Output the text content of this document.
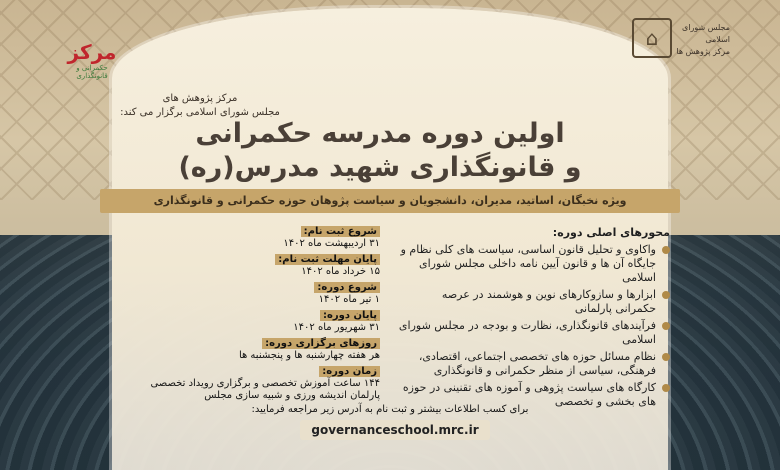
مرکز
حکمرانی و قانونگذاری
⌂	مجلس شورای اسلامی
مرکز پژوهش ها
مرکز پژوهش های
مجلس شورای اسلامی برگزار می کند:
اولین دوره مدرسه حکمرانی
و قانونگذاری شهید مدرس(ره)
ویژه نخبگان، اساتید، مدیران، دانشجویان و سیاست پژوهان حوزه حکمرانی و قانونگذاری
محورهای اصلی دوره:
واکاوی و تحلیل قانون اساسی، سیاست های کلی نظام و جایگاه آن ها و قانون آیین نامه داخلی مجلس شورای اسلامی
ابزارها و سازوکارهای نوین و هوشمند در عرصه حکمرانی پارلمانی
فرآیندهای قانونگذاری، نظارت و بودجه در مجلس شورای اسلامی
نظام مسائل حوزه های تخصصی اجتماعی، اقتصادی، فرهنگی، سیاسی از منظر حکمرانی و قانونگذاری
کارگاه های سیاست پژوهی و آموزه های تقنینی در حوزه های بخشی و تخصصی
شروع ثبت نام:
۳۱ اردیبهشت ماه ۱۴۰۲
پایان مهلت ثبت نام:
۱۵ خرداد ماه ۱۴۰۲
شروع دوره:
۱ تیر ماه ۱۴۰۲
پایان دوره:
۳۱ شهریور ماه ۱۴۰۲
روزهای برگزاری دوره:
هر هفته چهارشنبه ها و پنجشنبه ها
زمان دوره:
۱۴۴ ساعت آموزش تخصصی و برگزاری رویداد تخصصی پارلمان اندیشه ورزی و شبیه سازی مجلس
برای کسب اطلاعات بیشتر و ثبت نام به آدرس زیر مراجعه فرمایید:
governanceschool.mrc.ir
